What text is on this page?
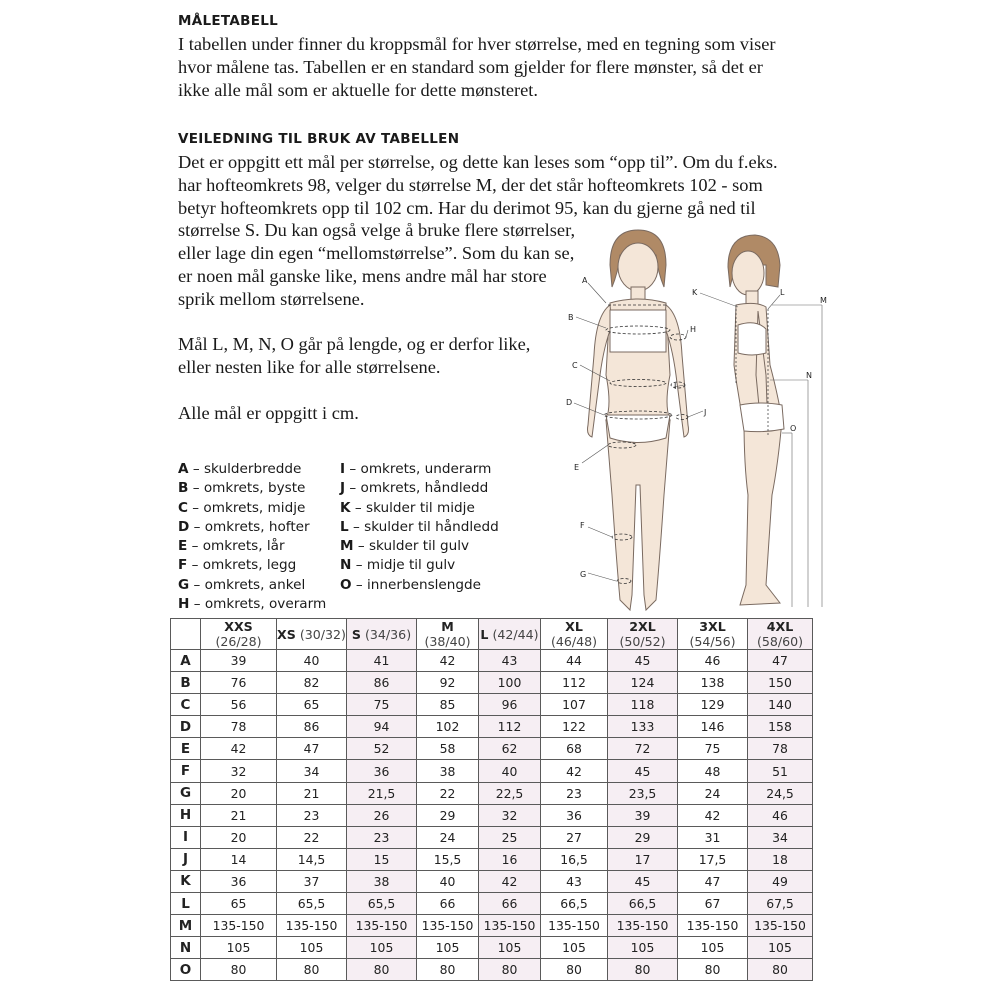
MÅLETABELL

I tabellen under finner du kroppsmål for hver størrelse, med en tegning som viser
hvor målene tas. Tabellen er en standard som gjelder for flere mønster, så det er
ikke alle mål som er aktuelle for dette mønsteret.

VEILEDNING TIL BRUK AV TABELLEN

Det er oppgitt ett mål per størrelse, og dette kan leses som “opp til”. Om du f.eks.
har hofteomkrets 98, velger du størrelse M, der det står hofteomkrets 102 - som
betyr hofteomkrets opp til 102 cm. Har du derimot 95, kan du gjerne gå ned til
størrelse S. Du kan også velge å bruke flere størrelser,
eller lage din egen “mellomstørrelse”. Som du kan se,
er noen mål ganske like, mens andre mål har store
sprik mellom størrelsene.
Mål L, M, N, O går på lengde, og er derfor like,
eller nesten like for alle størrelsene.
Alle mål er oppgitt i cm.

A – skulderbredde
B – omkrets, byste
C – omkrets, midje
D – omkrets, hofter
E – omkrets, lår
F – omkrets, legg
G – omkrets, ankel
H – omkrets, overarm
I – omkrets, underarm
J – omkrets, håndledd
K – skulder til midje
L – skulder til håndledd
M – skulder til gulv
N – midje til gulv
O – innerbenslengde
A
B
C
D
E
F
G
H
I
J
K	L
M
N
O
	XXS (26/28)	XS (30/32)	S (34/36)	M (38/40)	L (42/44)	XL (46/48)	2XL (50/52)	3XL (54/56)	4XL (58/60)
A	39	40	41	42	43	44	45	46	47
B	76	82	86	92	100	112	124	138	150
C	56	65	75	85	96	107	118	129	140
D	78	86	94	102	112	122	133	146	158
E	42	47	52	58	62	68	72	75	78
F	32	34	36	38	40	42	45	48	51
G	20	21	21,5	22	22,5	23	23,5	24	24,5
H	21	23	26	29	32	36	39	42	46
I	20	22	23	24	25	27	29	31	34
J	14	14,5	15	15,5	16	16,5	17	17,5	18
K	36	37	38	40	42	43	45	47	49
L	65	65,5	65,5	66	66	66,5	66,5	67	67,5
M	135-150	135-150	135-150	135-150	135-150	135-150	135-150	135-150	135-150
N	105	105	105	105	105	105	105	105	105
O	80	80	80	80	80	80	80	80	80
